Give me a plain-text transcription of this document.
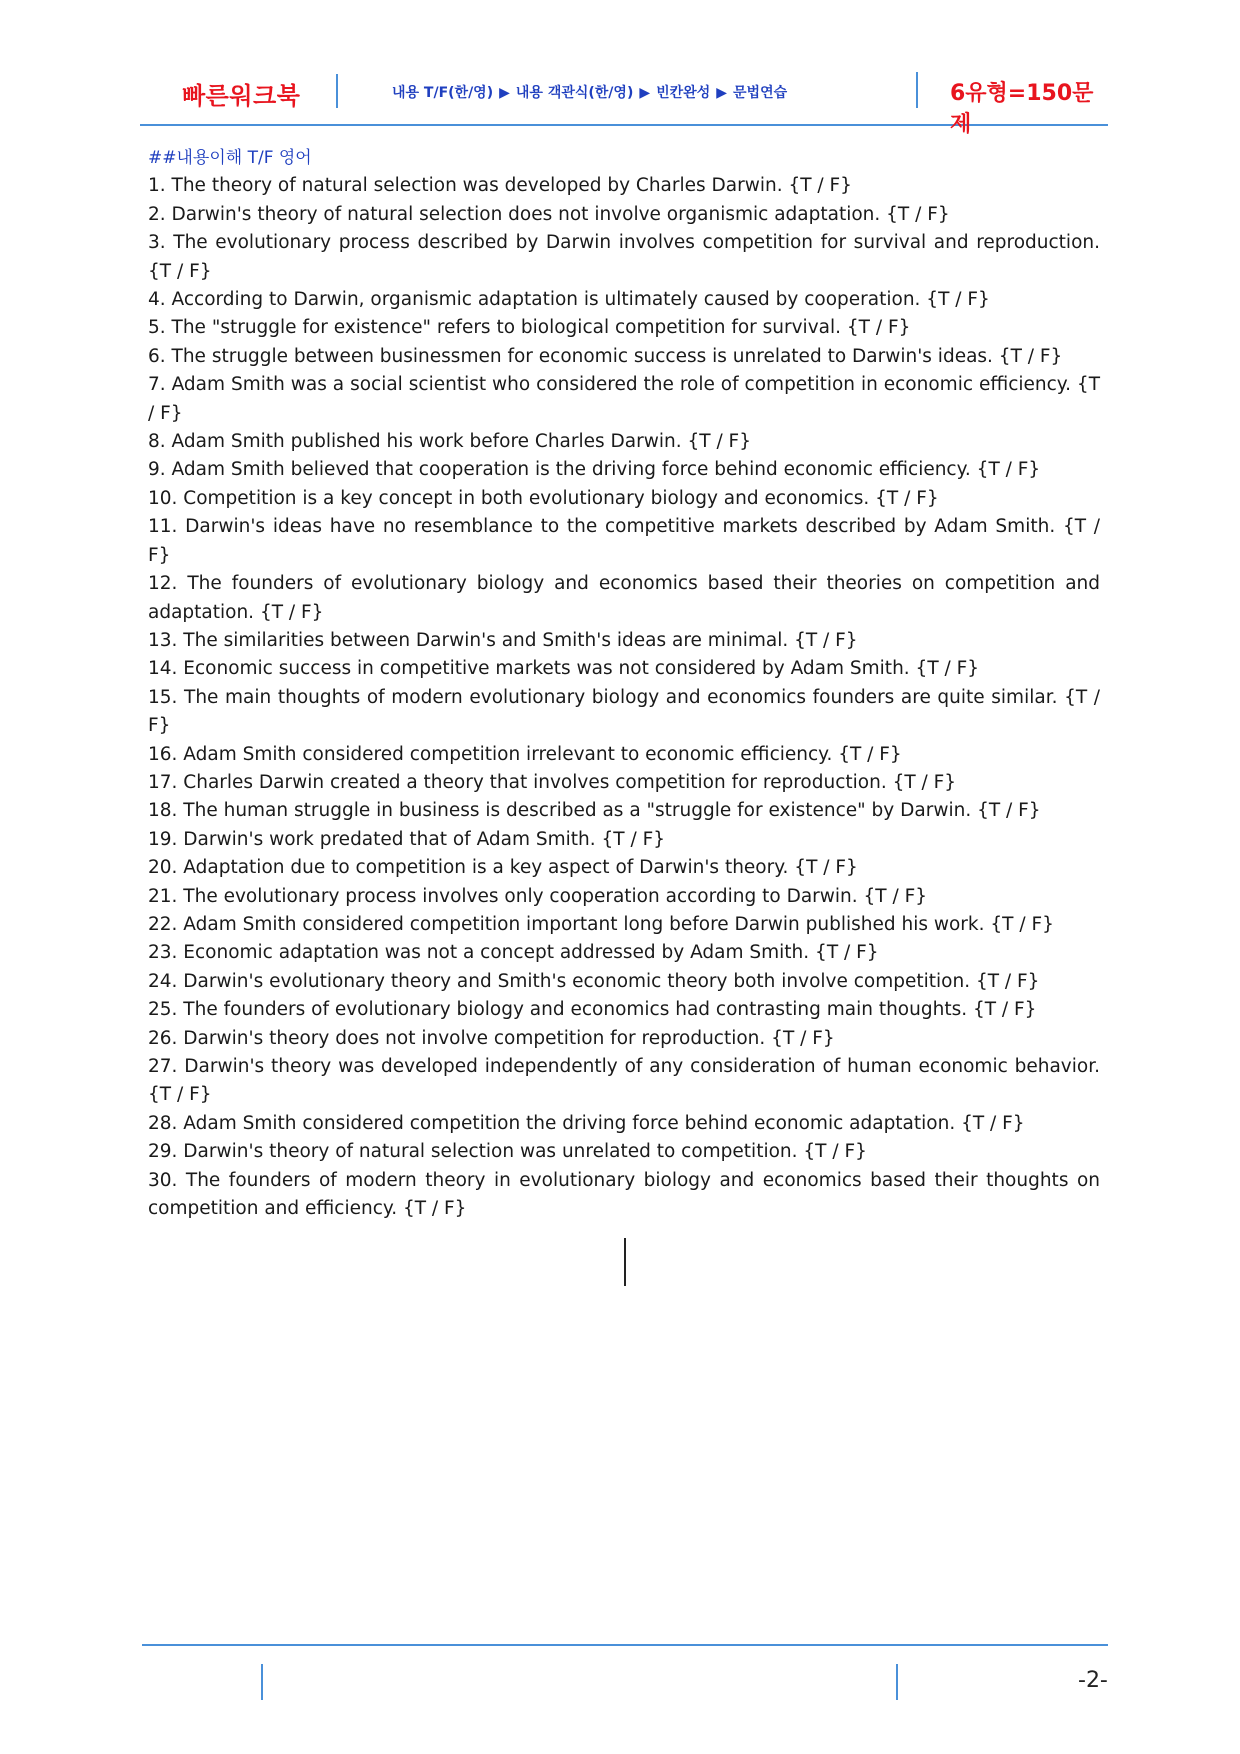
빠른워크북	내용 T/F(한/영) ▶ 내용 객관식(한/영) ▶ 빈칸완성 ▶ 문법연습	6유형=150문제
##내용이해 T/F 영어

1. The theory of natural selection was developed by Charles Darwin. {T / F}

2. Darwin's theory of natural selection does not involve organismic adaptation. {T / F}

3. The evolutionary process described by Darwin involves competition for survival and reproduction. {T / F}

4. According to Darwin, organismic adaptation is ultimately caused by cooperation. {T / F}

5. The "struggle for existence" refers to biological competition for survival. {T / F}

6. The struggle between businessmen for economic success is unrelated to Darwin's ideas. {T / F}

7. Adam Smith was a social scientist who considered the role of competition in economic efficiency. {T / F}

8. Adam Smith published his work before Charles Darwin. {T / F}

9. Adam Smith believed that cooperation is the driving force behind economic efficiency. {T / F}

10. Competition is a key concept in both evolutionary biology and economics. {T / F}

11. Darwin's ideas have no resemblance to the competitive markets described by Adam Smith. {T / F}

12. The founders of evolutionary biology and economics based their theories on competition and adaptation. {T / F}

13. The similarities between Darwin's and Smith's ideas are minimal. {T / F}

14. Economic success in competitive markets was not considered by Adam Smith. {T / F}

15. The main thoughts of modern evolutionary biology and economics founders are quite similar. {T / F}

16. Adam Smith considered competition irrelevant to economic efficiency. {T / F}

17. Charles Darwin created a theory that involves competition for reproduction. {T / F}

18. The human struggle in business is described as a "struggle for existence" by Darwin. {T / F}

19. Darwin's work predated that of Adam Smith. {T / F}

20. Adaptation due to competition is a key aspect of Darwin's theory. {T / F}

21. The evolutionary process involves only cooperation according to Darwin. {T / F}

22. Adam Smith considered competition important long before Darwin published his work. {T / F}

23. Economic adaptation was not a concept addressed by Adam Smith. {T / F}

24. Darwin's evolutionary theory and Smith's economic theory both involve competition. {T / F}

25. The founders of evolutionary biology and economics had contrasting main thoughts. {T / F}

26. Darwin's theory does not involve competition for reproduction. {T / F}

27. Darwin's theory was developed independently of any consideration of human economic behavior. {T / F}

28. Adam Smith considered competition the driving force behind economic adaptation. {T / F}

29. Darwin's theory of natural selection was unrelated to competition. {T / F}

30. The founders of modern theory in evolutionary biology and economics based their thoughts on competition and efficiency. {T / F}

-2-
